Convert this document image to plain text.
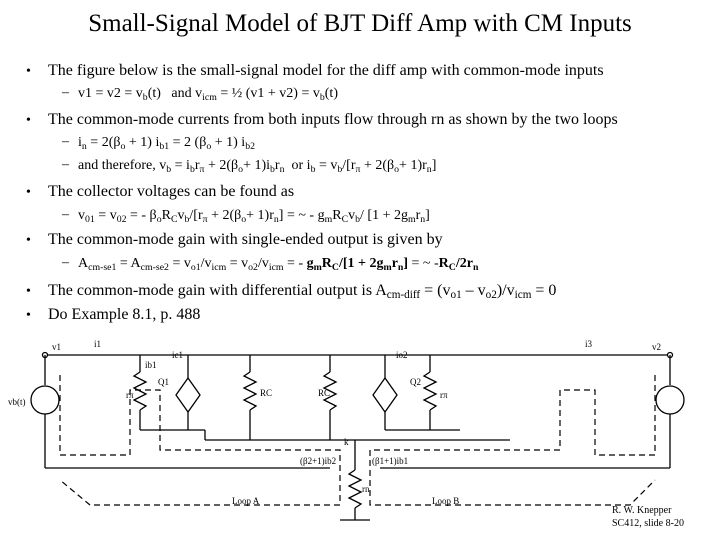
Small-Signal Model of BJT Diff Amp with CM Inputs
• The figure below is the small-signal model for the diff amp with common-mode inputs
– $v1 = v2 = v_b(t)$   and $v_{icm}$ = ½ $(v1 + v2) = v_b(t)$
• The common-mode currents from both inputs flow through rn as shown by the two loops
– $i_n = 2(\beta_o + 1) i_{b1} = 2$ $(\beta_o + 1)$ $i_{b2}$
– and therefore, $v_b = i_br_\pi + 2(\beta_o+ 1)i_br_n$  or $i_b = v_b/[r_\pi + 2(\beta_o+ 1)r_n]$
• The collector voltages can be found as
– $v_{01} = v_{02}$ = - $\beta_oR_Cv_b/[r_\pi + 2(\beta_o+ 1)r_n]$ = ~ - $g_mR_Cv_b/$ $[1 + 2g_mr_n]$
• The common-mode gain with single-ended output is given by
– $A_{cm-se1} = A_{cm-se2} = v_{o1}/v_{icm} = v_{o2}/v_{icm}$ = - $g_mR_C/[1 + 2g_mr_n]$ = ~ $-R_C/2r_n$
• The common-mode gain with differential output is $A_{cm-diff} = (v_{o1} - v_{o2})/v_{icm} = 0$
• Do Example 8.1, p. 488
v1	i1
ib1
ic1
Q1
vb(t)
rπ	RC
io2
Q2
rπ
i3	v2
RC
k
(β1+1)ib1
(β2+1)ib2
rn
Loop A	Loop B
R. W. Knepper
SC412, slide 8-20
